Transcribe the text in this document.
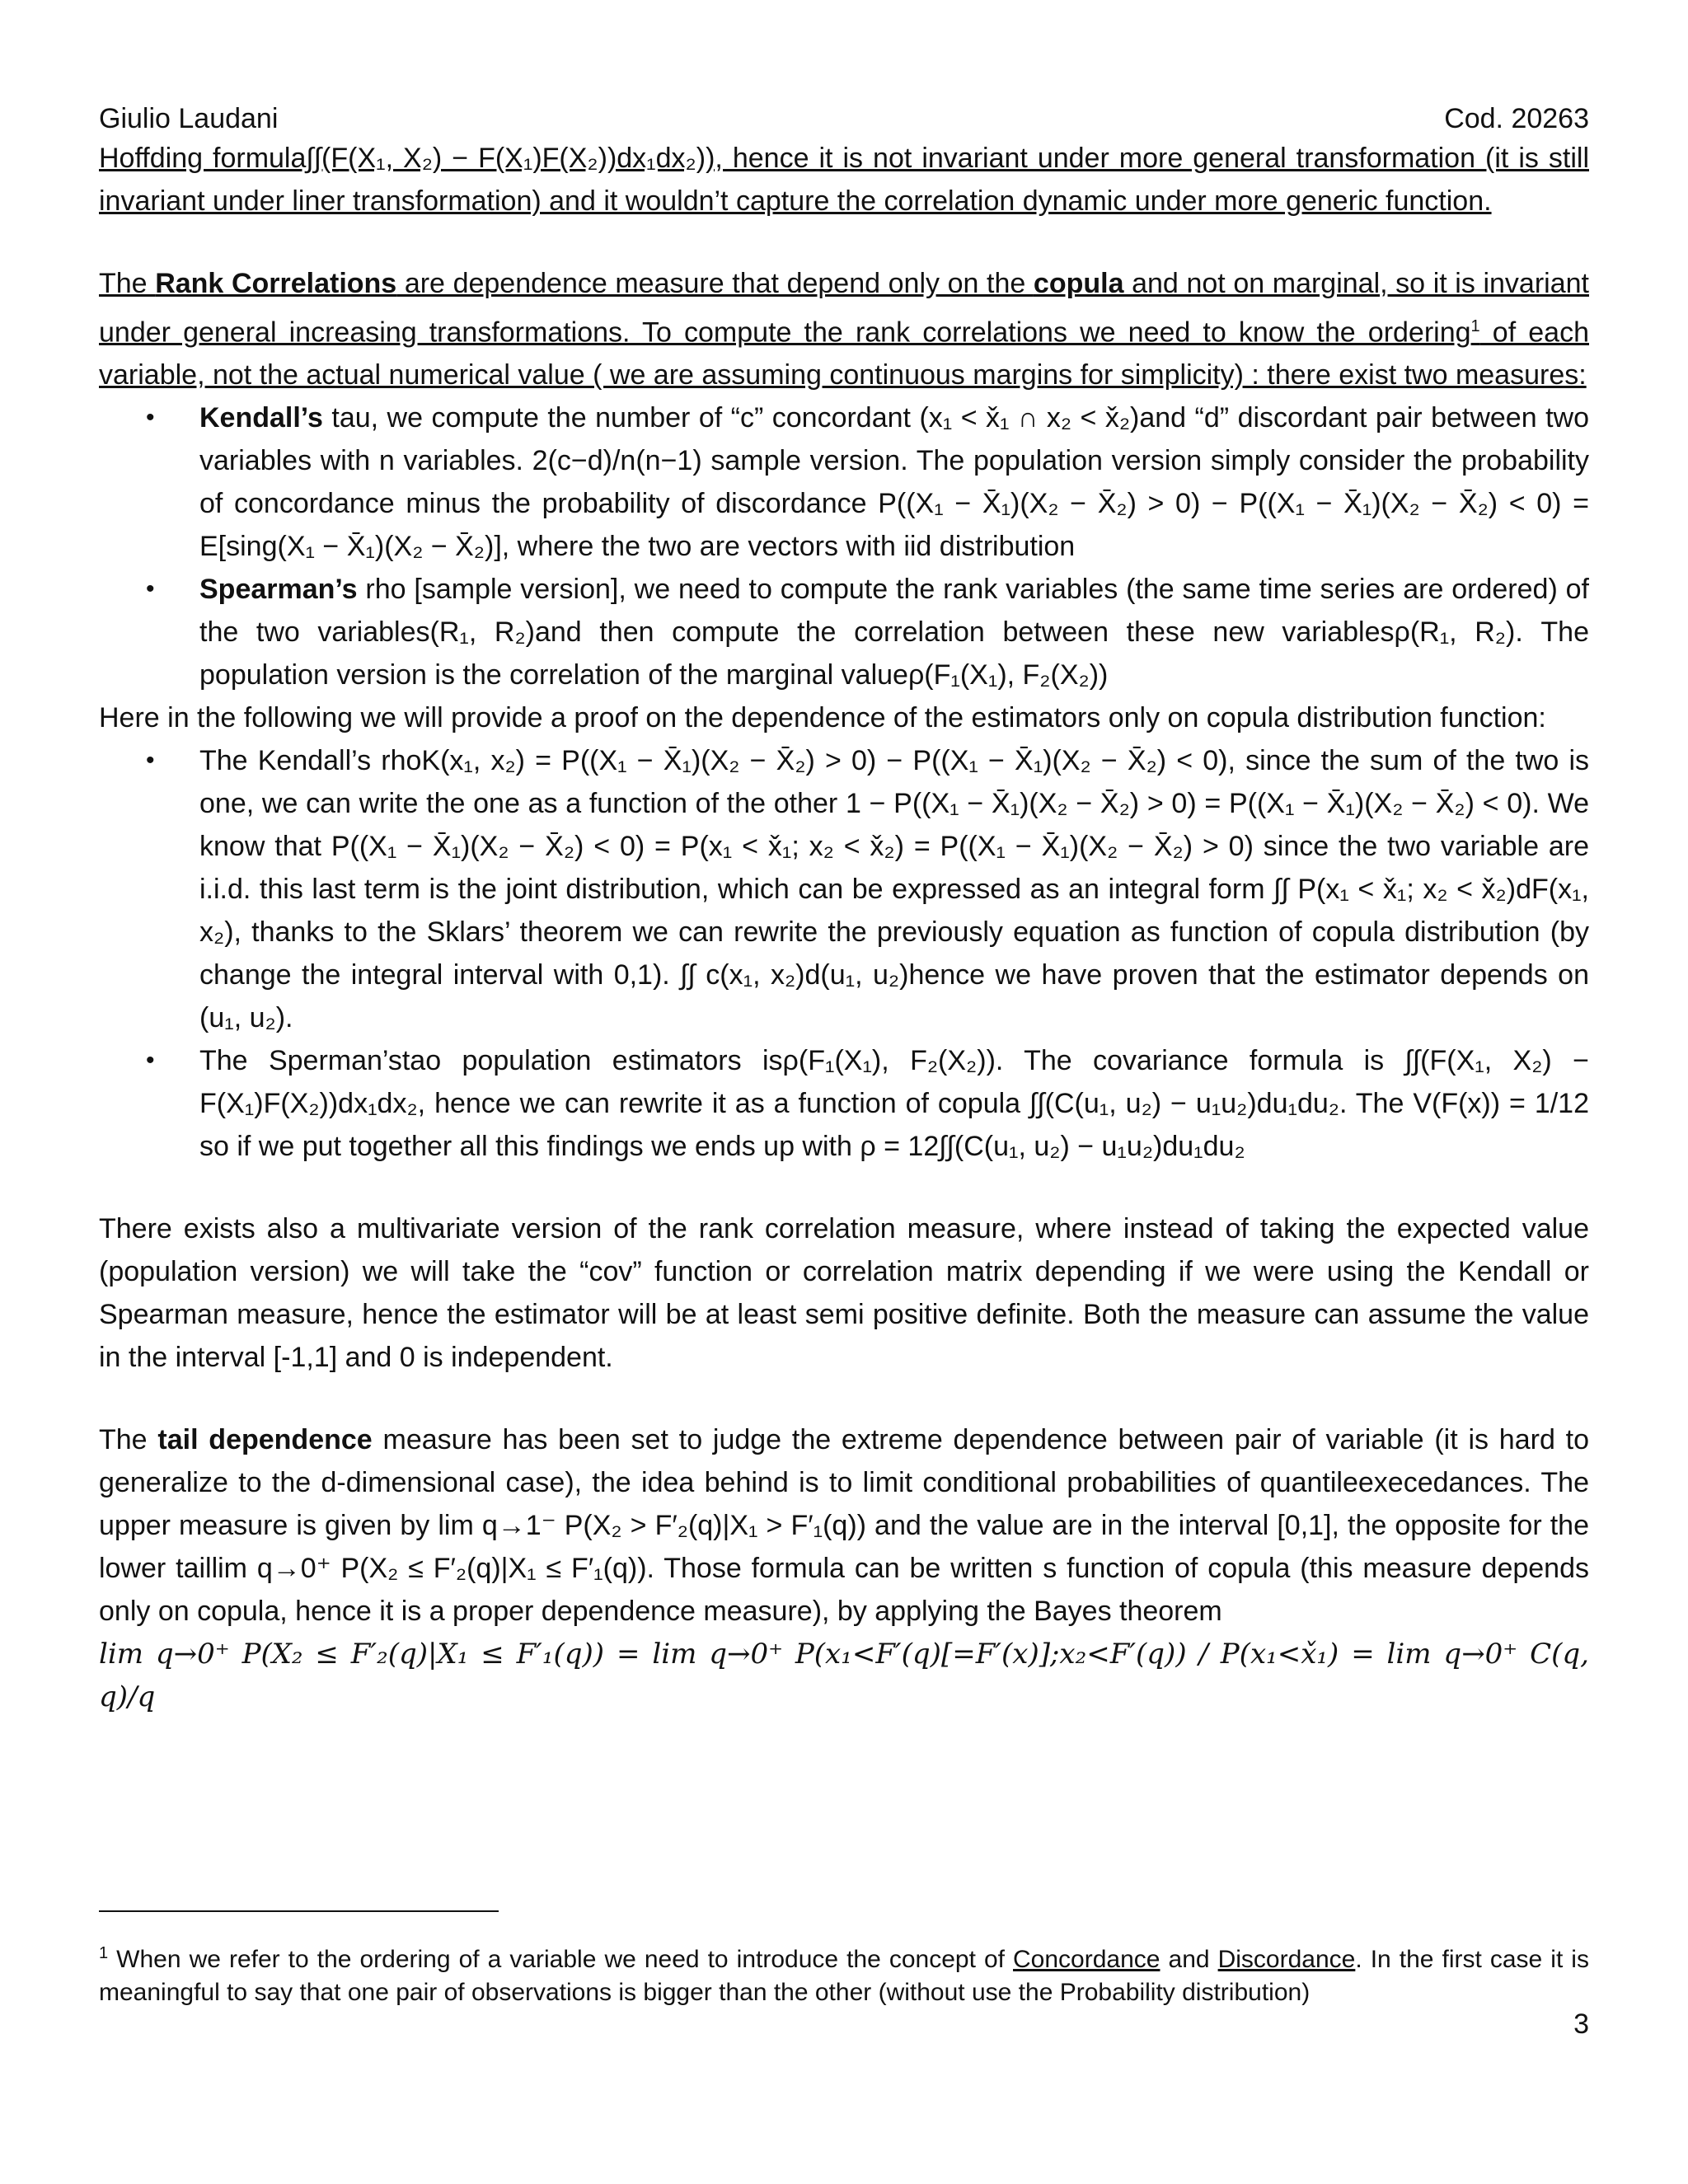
Giulio Laudani	Cod. 20263

Hoffding formula∫∫(F(X₁, X₂) − F(X₁)F(X₂))dx₁dx₂)), hence it is not invariant under more general transformation (it is still invariant under liner transformation) and it wouldn’t capture the correlation dynamic under more generic function.

The Rank Correlations are dependence measure that depend only on the copula and not on marginal, so it is invariant under general increasing transformations. To compute the rank correlations we need to know the ordering$^1$ of each variable, not the actual numerical value ( we are assuming continuous margins for simplicity) : there exist two measures:

• Kendall’s tau, we compute the number of “c” concordant (x₁ < x̌₁ ∩ x₂ < x̌₂)and “d” discordant pair between two variables with n variables. 2(c−d)/n(n−1) sample version. The population version simply consider the probability of concordance minus the probability of discordance P((X₁ − X̄₁)(X₂ − X̄₂) > 0) − P((X₁ − X̄₁)(X₂ − X̄₂) < 0) = E[sing(X₁ − X̄₁)(X₂ − X̄₂)], where the two are vectors with iid distribution
• Spearman’s rho [sample version], we need to compute the rank variables (the same time series are ordered) of the two variables(R₁, R₂)and then compute the correlation between these new variablesρ(R₁, R₂). The population version is the correlation of the marginal valueρ(F₁(X₁), F₂(X₂))

Here in the following we will provide a proof on the dependence of the estimators only on copula distribution function:

• The Kendall’s rhoK(x₁, x₂) = P((X₁ − X̄₁)(X₂ − X̄₂) > 0) − P((X₁ − X̄₁)(X₂ − X̄₂) < 0), since the sum of the two is one, we can write the one as a function of the other 1 − P((X₁ − X̄₁)(X₂ − X̄₂) > 0) = P((X₁ − X̄₁)(X₂ − X̄₂) < 0). We know that P((X₁ − X̄₁)(X₂ − X̄₂) < 0) = P(x₁ < x̌₁; x₂ < x̌₂) = P((X₁ − X̄₁)(X₂ − X̄₂) > 0) since the two variable are i.i.d. this last term is the joint distribution, which can be expressed as an integral form ∫∫ P(x₁ < x̌₁; x₂ < x̌₂)dF(x₁, x₂), thanks to the Sklars’ theorem we can rewrite the previously equation as function of copula distribution (by change the integral interval with 0,1). ∫∫ c(x₁, x₂)d(u₁, u₂)hence we have proven that the estimator depends on (u₁, u₂).
• The Sperman’stao population estimators isρ(F₁(X₁), F₂(X₂)). The covariance formula is ∫∫(F(X₁, X₂) − F(X₁)F(X₂))dx₁dx₂, hence we can rewrite it as a function of copula ∫∫(C(u₁, u₂) − u₁u₂)du₁du₂. The V(F(x)) = 1/12 so if we put together all this findings we ends up with ρ = 12∫∫(C(u₁, u₂) − u₁u₂)du₁du₂

There exists also a multivariate version of the rank correlation measure, where instead of taking the expected value (population version) we will take the “cov” function or correlation matrix depending if we were using the Kendall or Spearman measure, hence the estimator will be at least semi positive definite. Both the measure can assume the value in the interval [-1,1] and 0 is independent.

The tail dependence measure has been set to judge the extreme dependence between pair of variable (it is hard to generalize to the d-dimensional case), the idea behind is to limit conditional probabilities of quantileexecedances. The upper measure is given by lim q→1⁻ P(X₂ > F′₂(q)|X₁ > F′₁(q)) and the value are in the interval [0,1], the opposite for the lower taillim q→0⁺ P(X₂ ≤ F′₂(q)|X₁ ≤ F′₁(q)). Those formula can be written s function of copula (this measure depends only on copula, hence it is a proper dependence measure), by applying the Bayes theorem

lim q→0⁺ P(X₂ ≤ F′₂(q)|X₁ ≤ F′₁(q)) = lim q→0⁺ P(x₁<F′(q)[=F′(x)];x₂<F′(q)) / P(x₁<x̌₁) = lim q→0⁺ C(q, q)/q

$^1$ When we refer to the ordering of a variable we need to introduce the concept of Concordance and Discordance. In the first case it is meaningful to say that one pair of observations is bigger than the other (without use the Probability distribution)
3
